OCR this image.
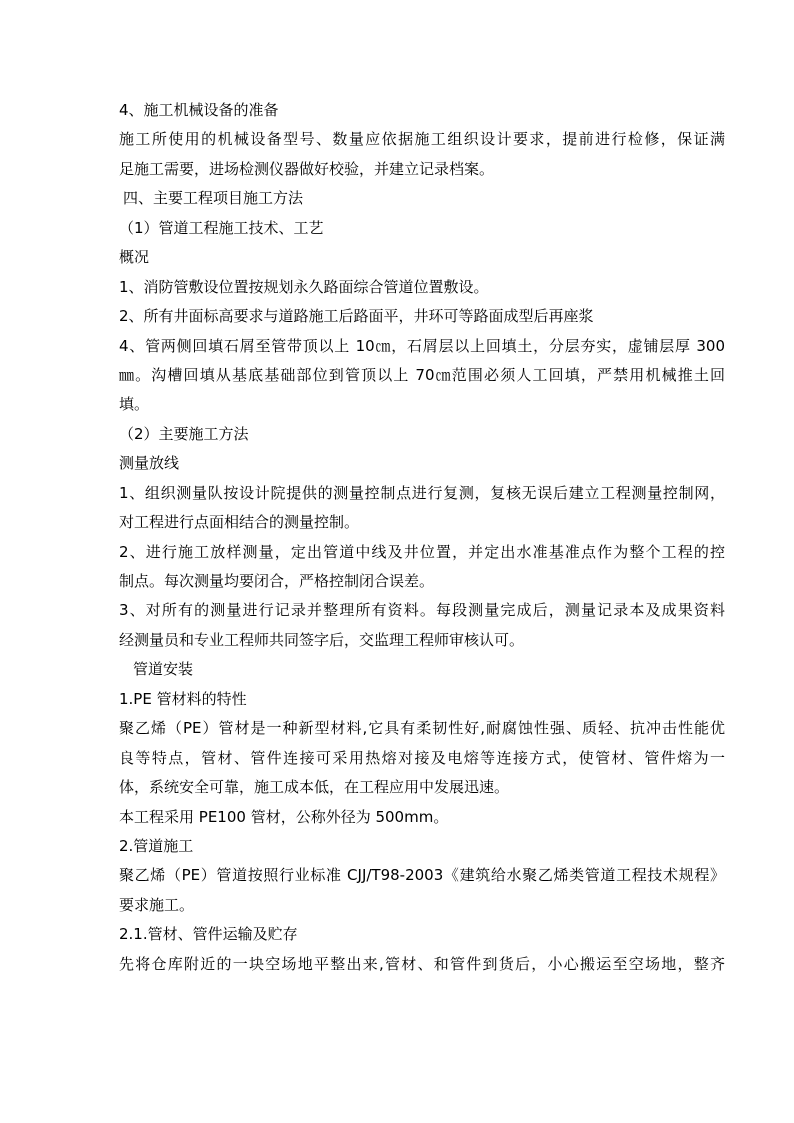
4、施工机械设备的准备
施工所使用的机械设备型号、数量应依据施工组织设计要求，提前进行检修，保证满
足施工需要，进场检测仪器做好校验，并建立记录档案。
四、主要工程项目施工方法
（1）管道工程施工技术、工艺
概况
1、消防管敷设位置按规划永久路面综合管道位置敷设。
2、所有井面标高要求与道路施工后路面平，井环可等路面成型后再座浆
4、管两侧回填石屑至管带顶以上 10㎝，石屑层以上回填土，分层夯实，虚铺层厚 300
㎜。沟槽回填从基底基础部位到管顶以上 70㎝范围必须人工回填，严禁用机械推土回
填。
（2）主要施工方法
测量放线
1、组织测量队按设计院提供的测量控制点进行复测，复核无误后建立工程测量控制网，
对工程进行点面相结合的测量控制。
2、进行施工放样测量，定出管道中线及井位置，并定出水准基准点作为整个工程的控
制点。每次测量均要闭合，严格控制闭合误差。
3、对所有的测量进行记录并整理所有资料。每段测量完成后，测量记录本及成果资料
经测量员和专业工程师共同签字后，交监理工程师审核认可。
管道安装
1.PE 管材料的特性
聚乙烯（PE）管材是一种新型材料,它具有柔韧性好,耐腐蚀性强、质轻、抗冲击性能优
良等特点，管材、管件连接可采用热熔对接及电熔等连接方式，使管材、管件熔为一
体，系统安全可靠，施工成本低，在工程应用中发展迅速。
本工程采用 PE100 管材，公称外径为 500mm。
2.管道施工
聚乙烯（PE）管道按照行业标准 CJJ/T98-2003《建筑给水聚乙烯类管道工程技术规程》
要求施工。
2.1.管材、管件运输及贮存
先将仓库附近的一块空场地平整出来,管材、和管件到货后，小心搬运至空场地，整齐
